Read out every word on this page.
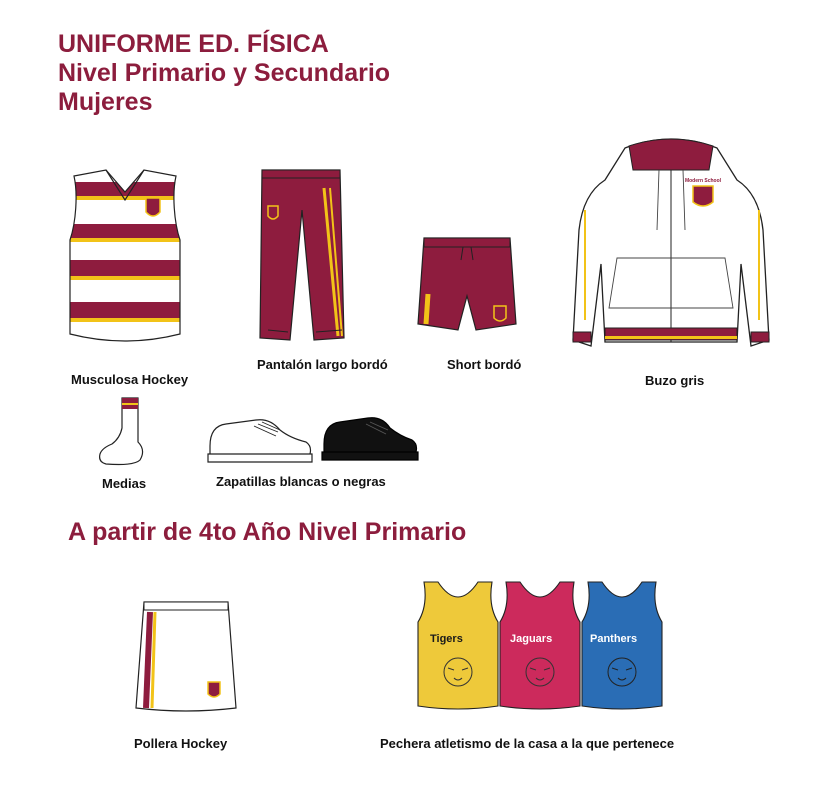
UNIFORME ED. FÍSICA
Nivel Primario y Secundario
Mujeres
Musculosa Hockey
Pantalón largo bordó	Short bordó
Modern School
Buzo gris
Medias	Zapatillas blancas o negras
A partir de 4to Año Nivel Primario
Pollera Hockey
Tigers	Jaguars	Panthers
Pechera atletismo de la casa a la que pertenece
